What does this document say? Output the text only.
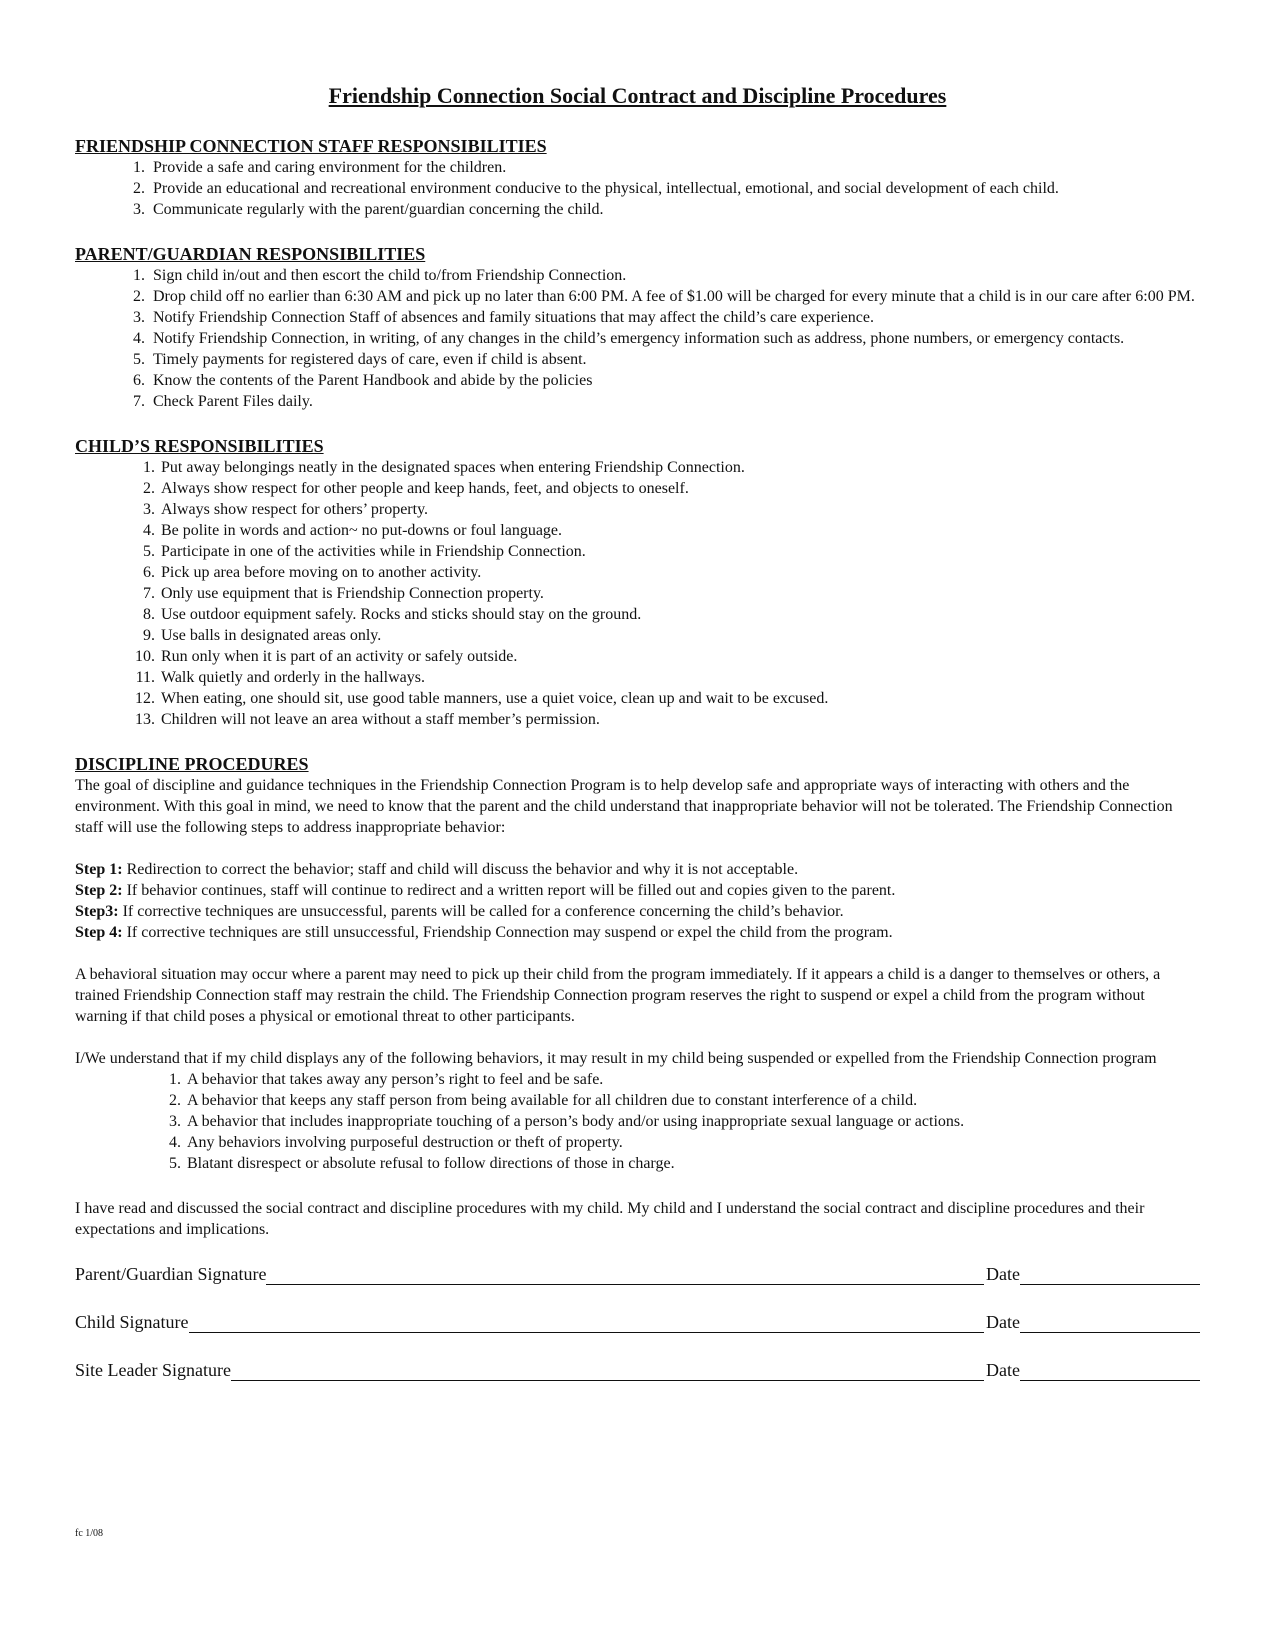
Friendship Connection Social Contract and Discipline Procedures
FRIENDSHIP CONNECTION STAFF RESPONSIBILITIES
1. Provide a safe and caring environment for the children.
2. Provide an educational and recreational environment conducive to the physical, intellectual, emotional, and social development of each child.
3. Communicate regularly with the parent/guardian concerning the child.
PARENT/GUARDIAN RESPONSIBILITIES
1. Sign child in/out and then escort the child to/from Friendship Connection.
2. Drop child off no earlier than 6:30 AM and pick up no later than 6:00 PM. A fee of $1.00 will be charged for every minute that a child is in our care after 6:00 PM.
3. Notify Friendship Connection Staff of absences and family situations that may affect the child’s care experience.
4. Notify Friendship Connection, in writing, of any changes in the child’s emergency information such as address, phone numbers, or emergency contacts.
5. Timely payments for registered days of care, even if child is absent.
6. Know the contents of the Parent Handbook and abide by the policies
7. Check Parent Files daily.
CHILD’S RESPONSIBILITIES
1. Put away belongings neatly in the designated spaces when entering Friendship Connection.
2. Always show respect for other people and keep hands, feet, and objects to oneself.
3. Always show respect for others’ property.
4. Be polite in words and action~ no put-downs or foul language.
5. Participate in one of the activities while in Friendship Connection.
6. Pick up area before moving on to another activity.
7. Only use equipment that is Friendship Connection property.
8. Use outdoor equipment safely. Rocks and sticks should stay on the ground.
9. Use balls in designated areas only.
10. Run only when it is part of an activity or safely outside.
11. Walk quietly and orderly in the hallways.
12. When eating, one should sit, use good table manners, use a quiet voice, clean up and wait to be excused.
13. Children will not leave an area without a staff member’s permission.
DISCIPLINE PROCEDURES

The goal of discipline and guidance techniques in the Friendship Connection Program is to help develop safe and appropriate ways of interacting with others and the environment. With this goal in mind, we need to know that the parent and the child understand that inappropriate behavior will not be tolerated. The Friendship Connection staff will use the following steps to address inappropriate behavior:

Step 1: Redirection to correct the behavior; staff and child will discuss the behavior and why it is not acceptable.
Step 2: If behavior continues, staff will continue to redirect and a written report will be filled out and copies given to the parent.
Step3: If corrective techniques are unsuccessful, parents will be called for a conference concerning the child’s behavior.
Step 4: If corrective techniques are still unsuccessful, Friendship Connection may suspend or expel the child from the program.

A behavioral situation may occur where a parent may need to pick up their child from the program immediately. If it appears a child is a danger to themselves or others, a trained Friendship Connection staff may restrain the child. The Friendship Connection program reserves the right to suspend or expel a child from the program without warning if that child poses a physical or emotional threat to other participants.

I/We understand that if my child displays any of the following behaviors, it may result in my child being suspended or expelled from the Friendship Connection program

1. A behavior that takes away any person’s right to feel and be safe.
2. A behavior that keeps any staff person from being available for all children due to constant interference of a child.
3. A behavior that includes inappropriate touching of a person’s body and/or using inappropriate sexual language or actions.
4. Any behaviors involving purposeful destruction or theft of property.
5. Blatant disrespect or absolute refusal to follow directions of those in charge.

I have read and discussed the social contract and discipline procedures with my child. My child and I understand the social contract and discipline procedures and their expectations and implications.

Parent/Guardian Signature	Date
Child Signature	Date
Site Leader Signature	Date
fc 1/08
